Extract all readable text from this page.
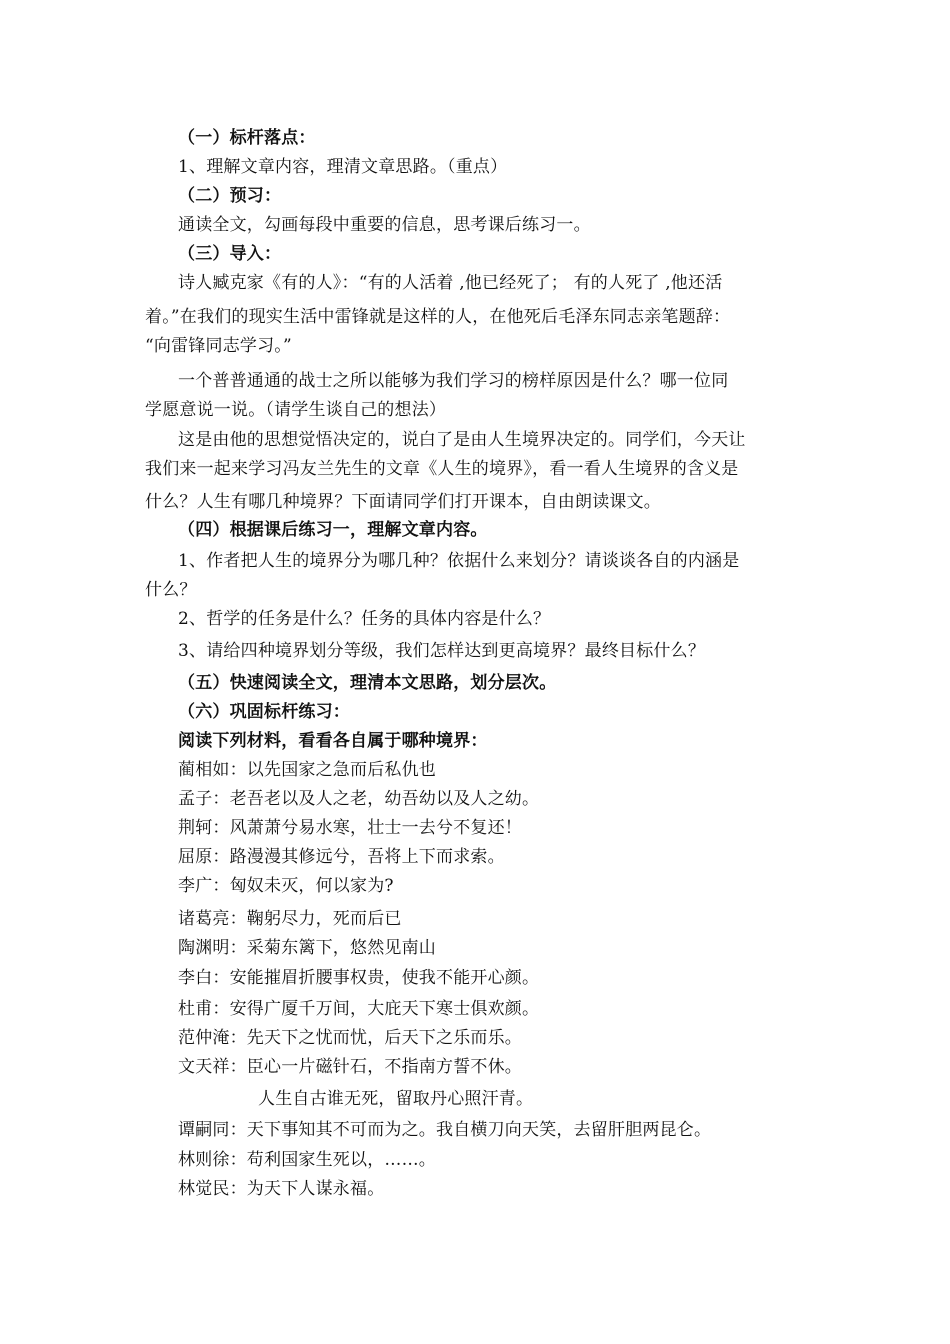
（一）标杆落点：
1、理解文章内容，理清文章思路。（重点）
（二）预习：
通读全文，勾画每段中重要的信息，思考课后练习一。
（三）导入：
诗人臧克家《有的人》：“有的人活着 ,他已经死了； 有的人死了 ,他还活
着。”在我们的现实生活中雷锋就是这样的人，在他死后毛泽东同志亲笔题辞：
“向雷锋同志学习。”
一个普普通通的战士之所以能够为我们学习的榜样原因是什么？哪一位同
学愿意说一说。（请学生谈自己的想法）
这是由他的思想觉悟决定的，说白了是由人生境界决定的。同学们，今天让
我们来一起来学习冯友兰先生的文章《人生的境界》，看一看人生境界的含义是
什么？人生有哪几种境界？下面请同学们打开课本，自由朗读课文。
（四）根据课后练习一，理解文章内容。
1、作者把人生的境界分为哪几种？依据什么来划分？请谈谈各自的内涵是
什么？
2、哲学的任务是什么？任务的具体内容是什么？
3、请给四种境界划分等级，我们怎样达到更高境界？最终目标什么？
（五）快速阅读全文，理清本文思路，划分层次。
（六）巩固标杆练习：
阅读下列材料，看看各自属于哪种境界：
蔺相如：以先国家之急而后私仇也
孟子：老吾老以及人之老，幼吾幼以及人之幼。
荆轲：风萧萧兮易水寒，壮士一去兮不复还！
屈原：路漫漫其修远兮，吾将上下而求索。
李广：匈奴未灭，何以家为?
诸葛亮：鞠躬尽力，死而后已
陶渊明：采菊东篱下，悠然见南山
李白：安能摧眉折腰事权贵，使我不能开心颜。
杜甫：安得广厦千万间，大庇天下寒士俱欢颜。
范仲淹：先天下之忧而忧，后天下之乐而乐。
文天祥：臣心一片磁针石，不指南方誓不休。
人生自古谁无死，留取丹心照汗青。
谭嗣同：天下事知其不可而为之。我自横刀向天笑，去留肝胆两昆仑。
林则徐：苟利国家生死以，……。
林觉民：为天下人谋永福。
